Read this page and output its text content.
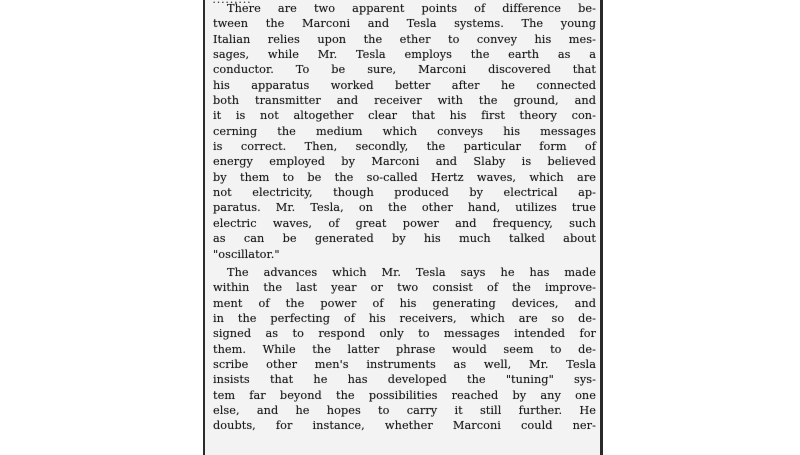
There are two apparent points of difference be-
tween the Marconi and Tesla systems. The young
Italian relies upon the ether to convey his mes-
sages, while Mr. Tesla employs the earth as a
conductor. To be sure, Marconi discovered that
his apparatus worked better after he connected
both transmitter and receiver with the ground, and
it is not altogether clear that his first theory con-
cerning the medium which conveys his messages
is correct. Then, secondly, the particular form of
energy employed by Marconi and Slaby is believed
by them to be the so-called Hertz waves, which are
not electricity, though produced by electrical ap-
paratus. Mr. Tesla, on the other hand, utilizes true
electric waves, of great power and frequency, such
as can be generated by his much talked about
"oscillator."
The advances which Mr. Tesla says he has made
within the last year or two consist of the improve-
ment of the power of his generating devices, and
in the perfecting of his receivers, which are so de-
signed as to respond only to messages intended for
them. While the latter phrase would seem to de-
scribe other men's instruments as well, Mr. Tesla
insists that he has developed the "tuning" sys-
tem far beyond the possibilities reached by any one
else, and he hopes to carry it still further. He
doubts, for instance, whether Marconi could ner-
